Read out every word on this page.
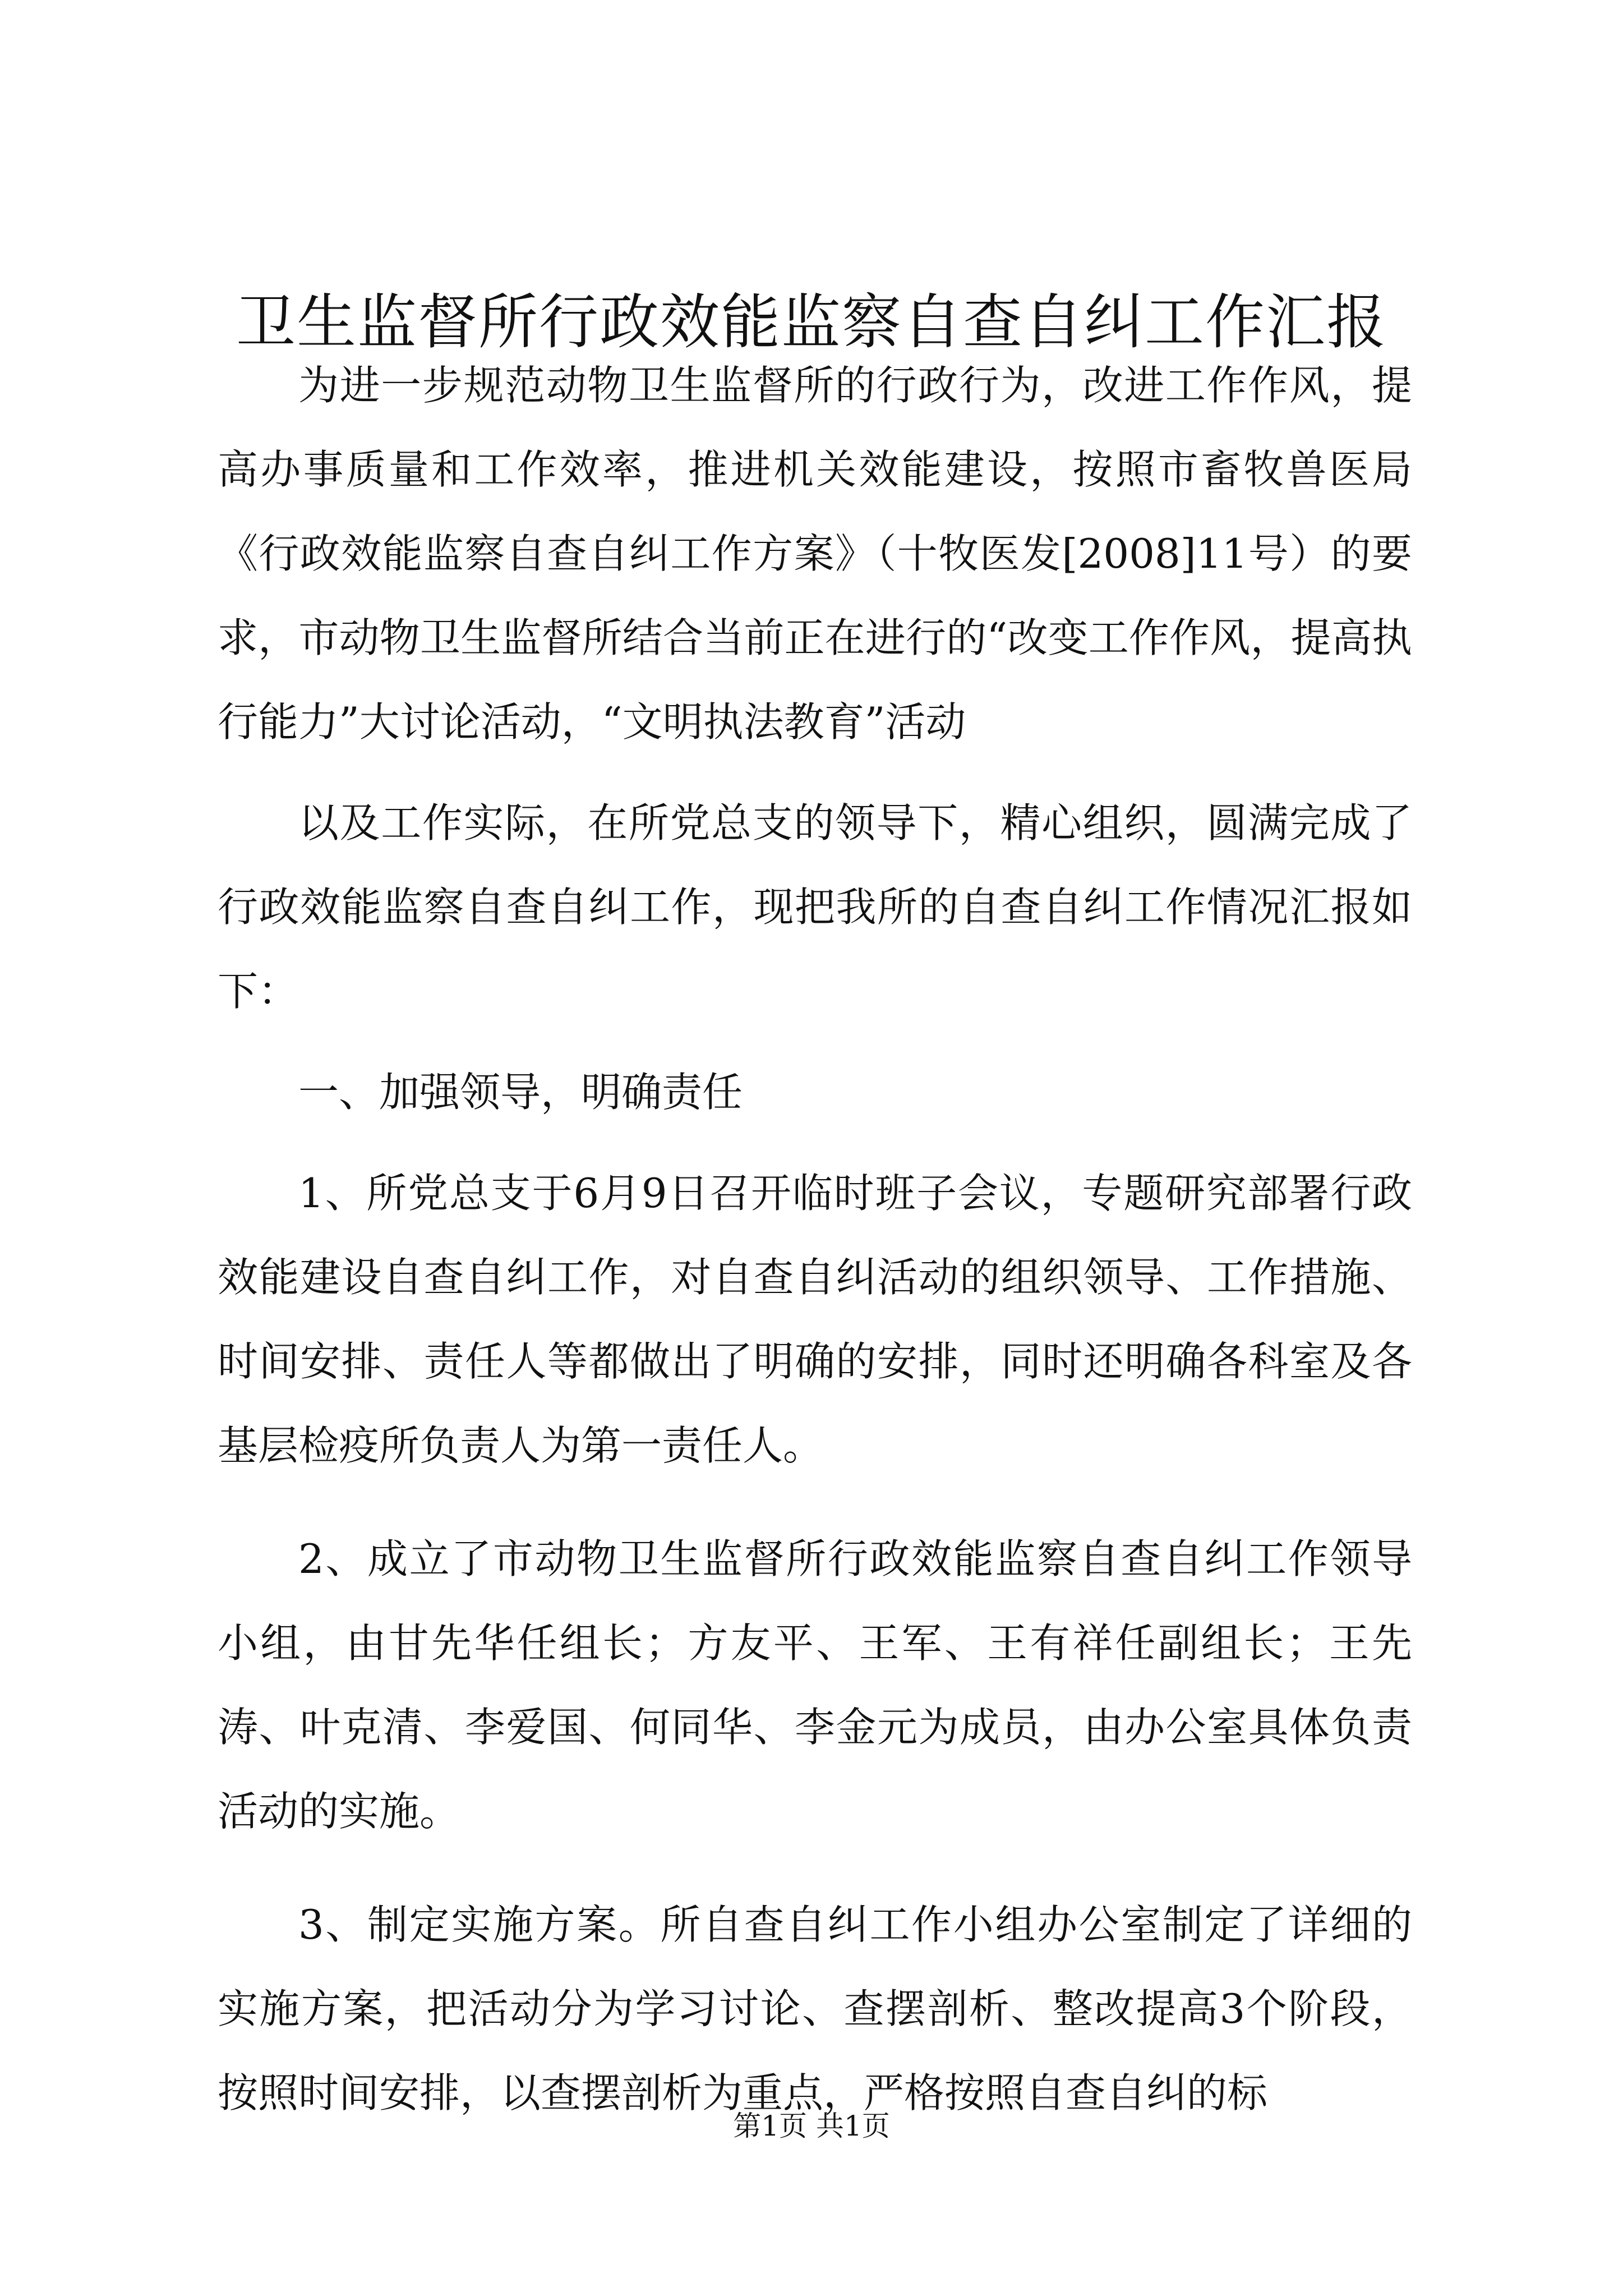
卫生监督所行政效能监察自查自纠工作汇报

为进一步规范动物卫生监督所的行政行为，改进工作作风，提高办事质量和工作效率，推进机关效能建设，按照市畜牧兽医局《行政效能监察自查自纠工作方案》（十牧医发[2008]11号）的要求，市动物卫生监督所结合当前正在进行的“改变工作作风，提高执行能力”大讨论活动，“文明执法教育”活动

以及工作实际，在所党总支的领导下，精心组织，圆满完成了行政效能监察自查自纠工作，现把我所的自查自纠工作情况汇报如下：

一、加强领导，明确责任

1、所党总支于6月9日召开临时班子会议，专题研究部署行政效能建设自查自纠工作，对自查自纠活动的组织领导、工作措施、时间安排、责任人等都做出了明确的安排，同时还明确各科室及各基层检疫所负责人为第一责任人。

2、成立了市动物卫生监督所行政效能监察自查自纠工作领导小组，由甘先华任组长；方友平、王军、王有祥任副组长；王先涛、叶克清、李爱国、何同华、李金元为成员，由办公室具体负责活动的实施。

3、制定实施方案。所自查自纠工作小组办公室制定了详细的实施方案，把活动分为学习讨论、查摆剖析、整改提高3个阶段，按照时间安排，以查摆剖析为重点，严格按照自查自纠的标

第1页 共1页
